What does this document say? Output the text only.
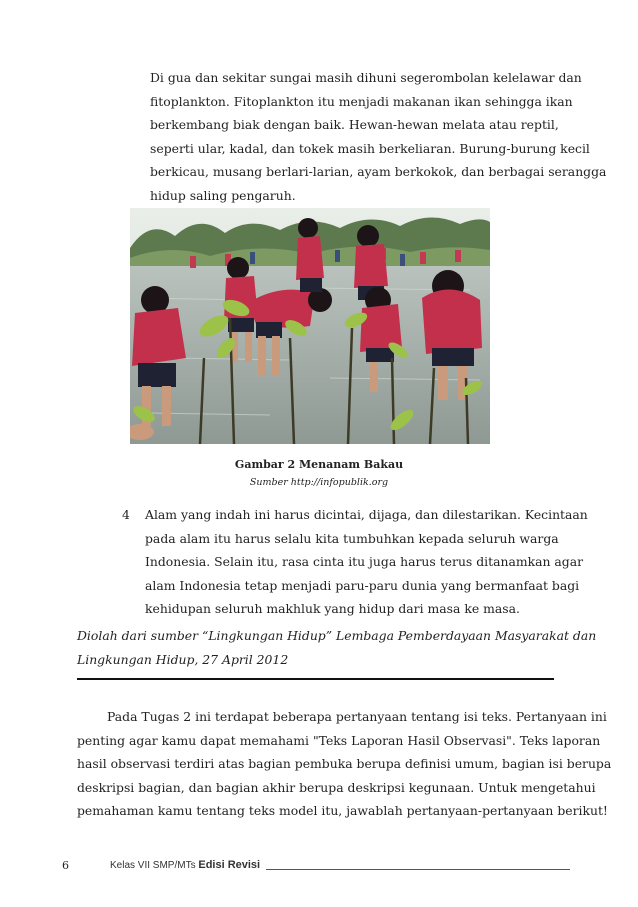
Di gua dan sekitar sungai masih dihuni segerombolan kelelawar dan
fitoplankton. Fitoplankton itu menjadi makanan ikan sehingga ikan
berkembang biak dengan baik. Hewan-hewan melata atau reptil,
seperti ular, kadal, dan tokek masih berkeliaran. Burung-burung kecil
berkicau, musang berlari-larian, ayam berkokok, dan berbagai serangga
hidup saling pengaruh.
Gambar 2 Menanam Bakau
Sumber http://infopublik.org
4 Alam yang indah ini harus dicintai, dijaga, dan dilestarikan. Kecintaan
pada alam itu harus selalu kita tumbuhkan kepada seluruh warga
Indonesia. Selain itu, rasa cinta itu juga harus terus ditanamkan agar
alam Indonesia tetap menjadi paru-paru dunia yang bermanfaat bagi
kehidupan seluruh makhluk yang hidup dari masa ke masa.
Diolah dari sumber “Lingkungan Hidup” Lembaga Pemberdayaan Masyarakat dan
Lingkungan Hidup, 27 April 2012
Pada Tugas 2 ini terdapat beberapa pertanyaan tentang isi teks. Pertanyaan ini
penting agar kamu dapat memahami "Teks Laporan Hasil Observasi". Teks laporan
hasil observasi terdiri atas bagian pembuka berupa definisi umum, bagian isi berupa
deskripsi bagian, dan bagian akhir berupa deskripsi kegunaan. Untuk mengetahui
pemahaman kamu tentang teks model itu, jawablah pertanyaan-pertanyaan berikut!
6	Kelas VII SMP/MTs Edisi Revisi
